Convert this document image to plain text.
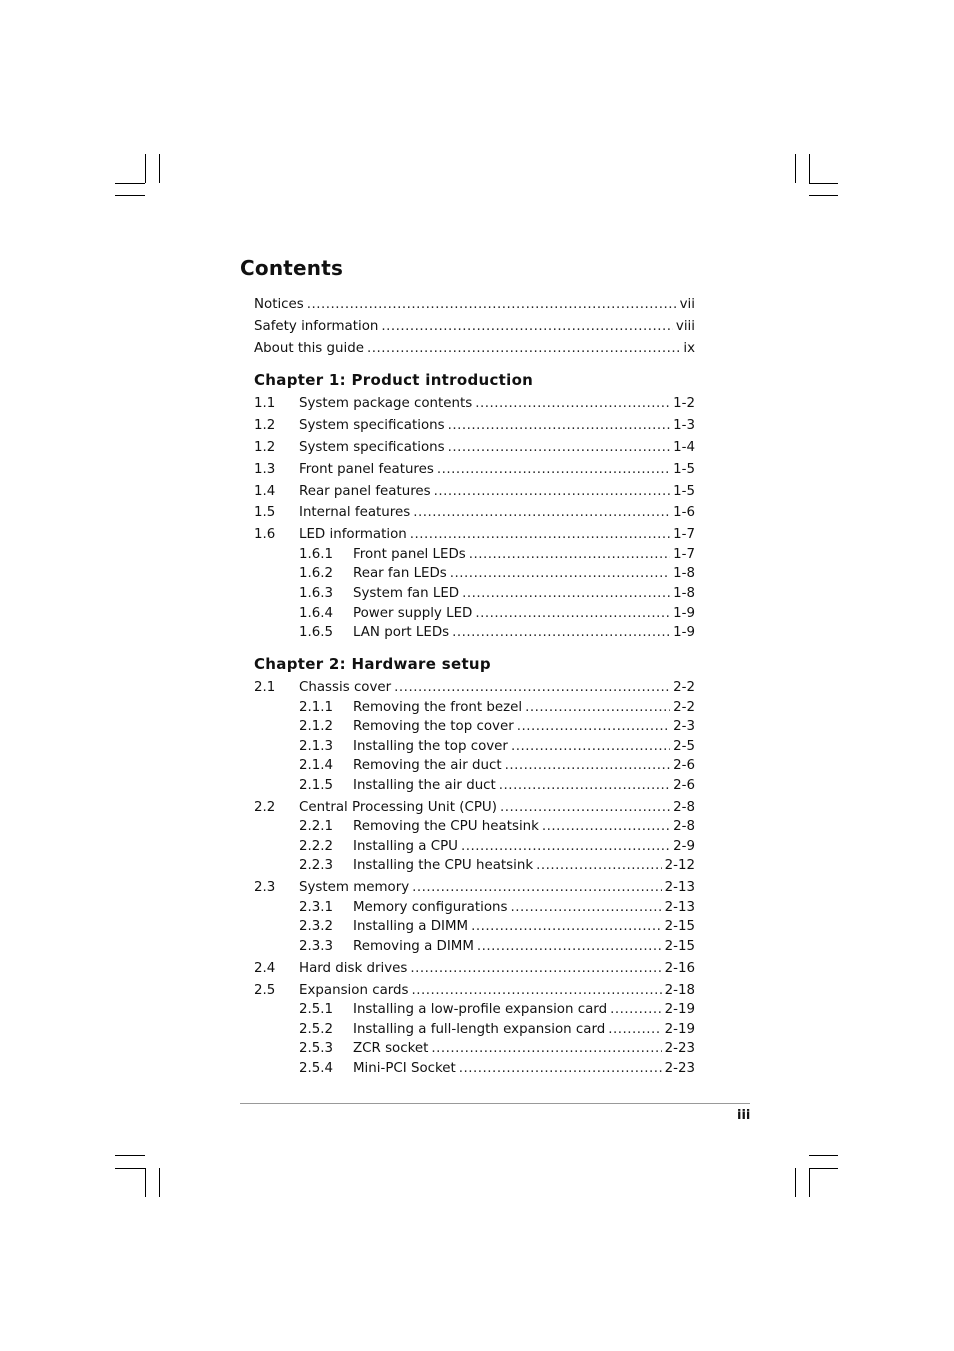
Contents
Notices .....	vii
Safety information .....	viii
About this guide .....	ix
Chapter 1: Product introduction
1.1	System package contents .....	1-2
1.2	System specifications .....	1-3
1.2	System specifications .....	1-4
1.3	Front panel features .....	1-5
1.4	Rear panel features .....	1-5
1.5	Internal features .....	1-6
1.6	LED information .....	1-7
1.6.1	Front panel LEDs .....	1-7
1.6.2	Rear fan LEDs .....	1-8
1.6.3	System fan LED .....	1-8
1.6.4	Power supply LED .....	1-9
1.6.5	LAN port LEDs .....	1-9
Chapter 2: Hardware setup
2.1	Chassis cover .....	2-2
2.1.1	Removing the front bezel .....	2-2
2.1.2	Removing the top cover .....	2-3
2.1.3	Installing the top cover .....	2-5
2.1.4	Removing the air duct .....	2-6
2.1.5	Installing the air duct .....	2-6
2.2	Central Processing Unit (CPU) .....	2-8
2.2.1	Removing the CPU heatsink .....	2-8
2.2.2	Installing a CPU .....	2-9
2.2.3	Installing the CPU heatsink .....	2-12
2.3	System memory .....	2-13
2.3.1	Memory configurations .....	2-13
2.3.2	Installing a DIMM .....	2-15
2.3.3	Removing a DIMM .....	2-15
2.4	Hard disk drives .....	2-16
2.5	Expansion cards .....	2-18
2.5.1	Installing a low-profile expansion card .....	2-19
2.5.2	Installing a full-length expansion card .....	2-19
2.5.3	ZCR socket .....	2-23
2.5.4	Mini-PCI Socket .....	2-23
iii
